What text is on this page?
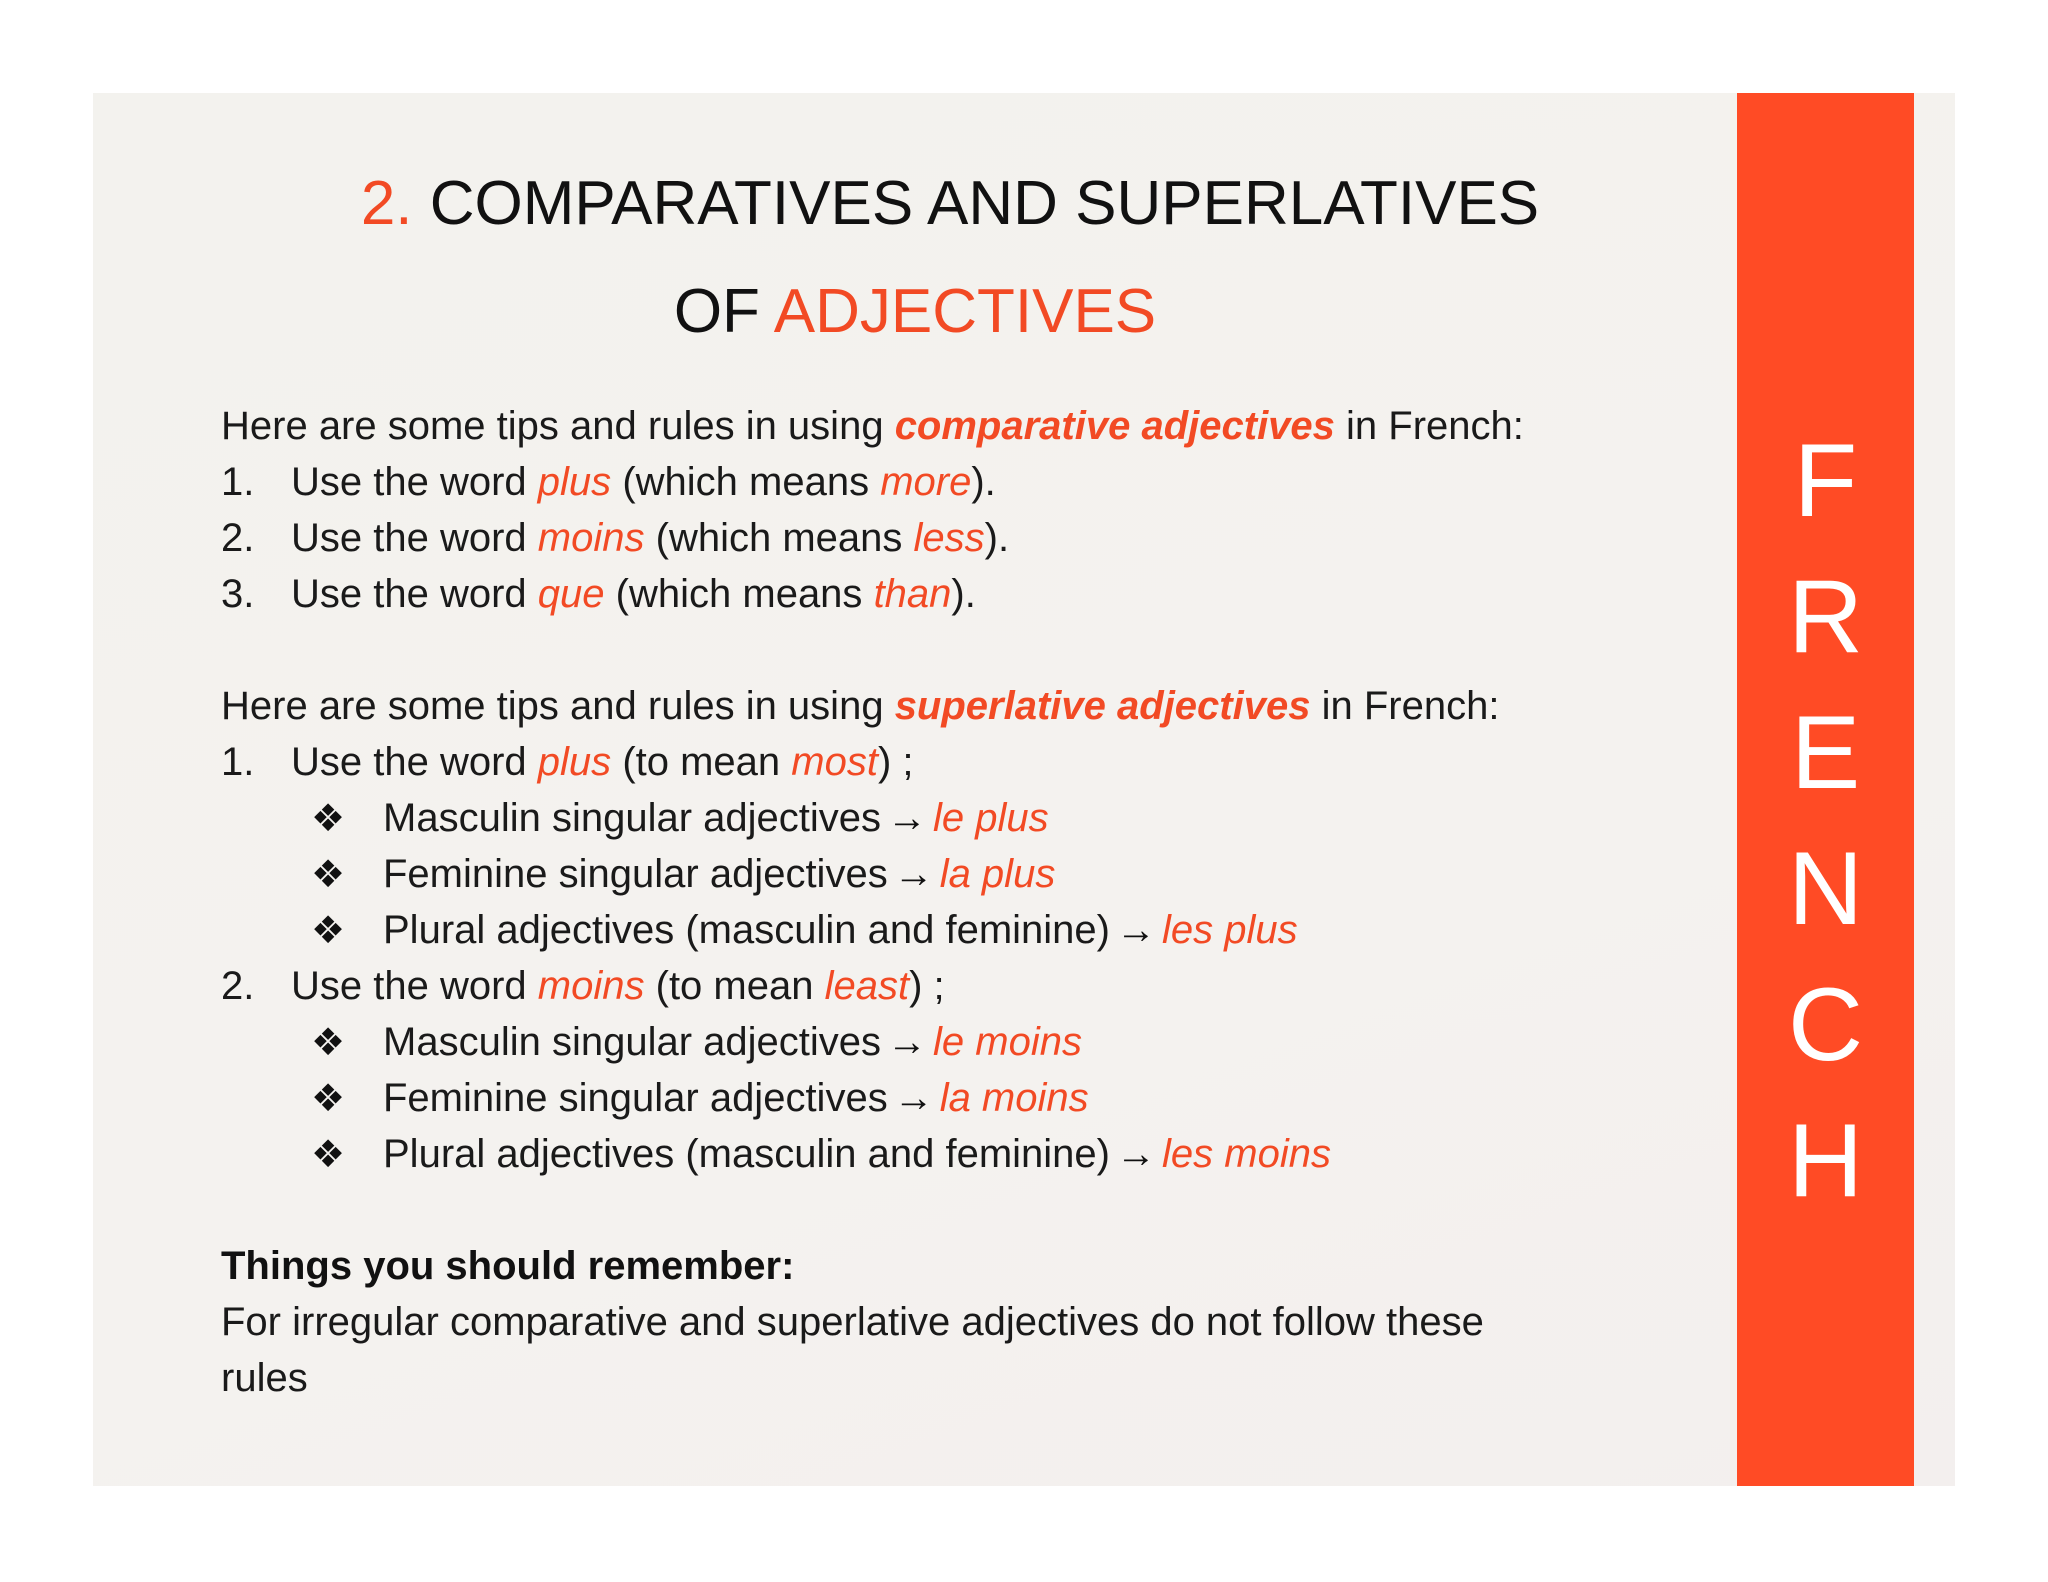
F
R
E
N
C
H
2. COMPARATIVES AND SUPERLATIVES
OF ADJECTIVES
Here are some tips and rules in using comparative adjectives in French:
1. Use the word plus (which means more).
2. Use the word moins (which means less).
3. Use the word que (which means than).
Here are some tips and rules in using superlative adjectives in French:
1. Use the word plus (to mean most) ;
❖ Masculin singular adjectives → le plus
❖ Feminine singular adjectives → la plus
❖ Plural adjectives (masculin and feminine) → les plus
2. Use the word moins (to mean least) ;
❖ Masculin singular adjectives → le moins
❖ Feminine singular adjectives → la moins
❖ Plural adjectives (masculin and feminine) → les moins
Things you should remember:
For irregular comparative and superlative adjectives do not follow these
rules
